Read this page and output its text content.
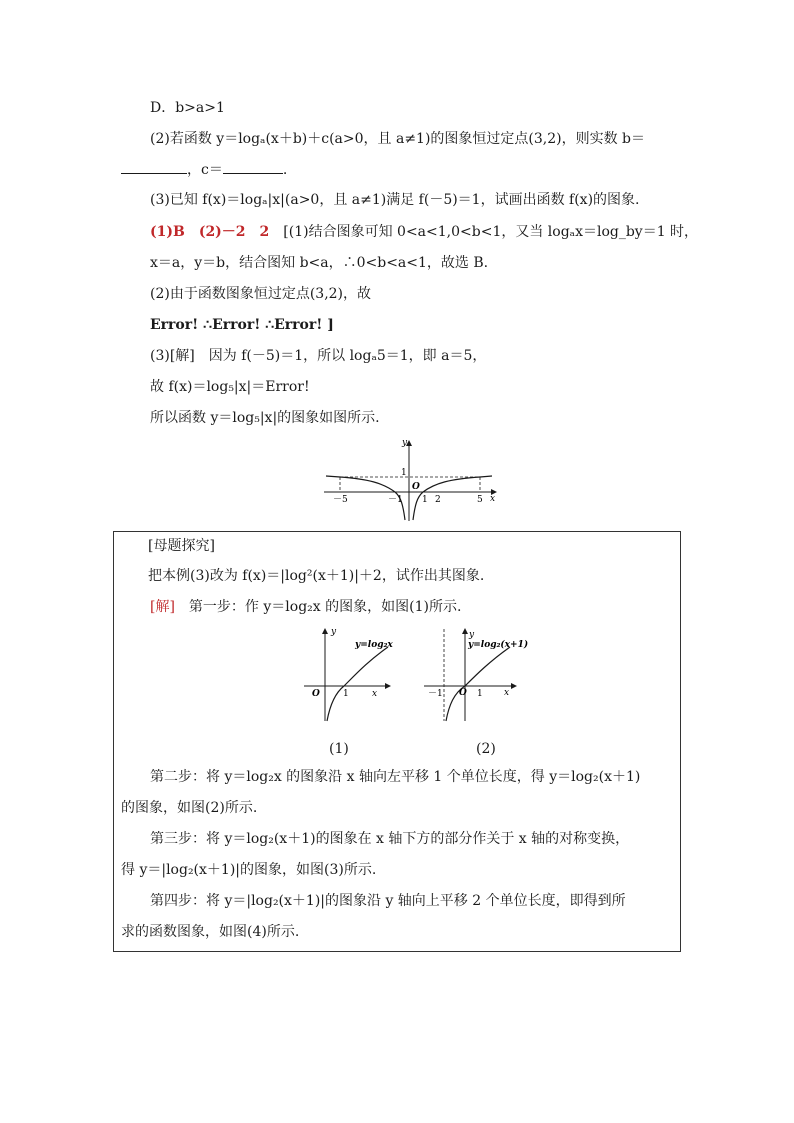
D．b>a>1
(2)若函数 y＝logₐ(x＋b)＋c(a>0，且 a≠1)的图象恒过定点(3,2)，则实数 b＝
，c＝	.
(3)已知 f(x)＝logₐ|x|(a>0，且 a≠1)满足 f(－5)＝1，试画出函数 f(x)的图象.
(1)B　(2)－2　2　[(1)结合图象可知 0<a<1,0<b<1，又当 logₐx＝log_by＝1 时，
x＝a，y＝b，结合图知 b<a，∴0<b<a<1，故选 B.
(2)由于函数图象恒过定点(3,2)，故
Error! ∴Error! ∴Error! ]
(3)[解]　因为 f(－5)＝1，所以 logₐ5＝1，即 a＝5，
故 f(x)＝log₅|x|＝Error!
所以函数 y＝log₅|x|的图象如图所示.
y
x
O
1
－5	－1 1 2	5
[母题探究]
把本例(3)改为 f(x)＝|log²(x＋1)|＋2，试作出其图象.
[解]　第一步：作 y＝log₂x 的图象，如图(1)所示.
y
y=log₂x
O	1	x
(1)
y
y=log₂(x+1)
－1 O 1 x
(2)
第二步：将 y＝log₂x 的图象沿 x 轴向左平移 1 个单位长度，得 y＝log₂(x＋1)
的图象，如图(2)所示.
第三步：将 y＝log₂(x＋1)的图象在 x 轴下方的部分作关于 x 轴的对称变换，
得 y＝|log₂(x＋1)|的图象，如图(3)所示.
第四步：将 y＝|log₂(x＋1)|的图象沿 y 轴向上平移 2 个单位长度，即得到所
求的函数图象，如图(4)所示.
